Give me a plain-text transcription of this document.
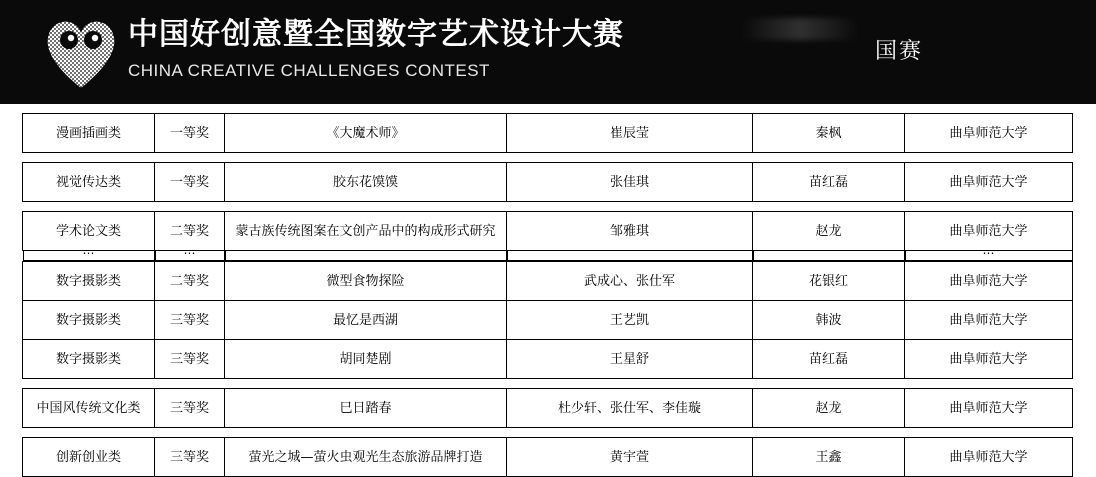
中国好创意暨全国数字艺术设计大赛
CHINA CREATIVE CHALLENGES CONTEST
国赛
漫画插画类	一等奖	《大魔术师》	崔辰莹	秦枫	曲阜师范大学

视觉传达类	一等奖	胶东花馍馍	张佳琪	苗红磊	曲阜师范大学

学术论文类	二等奖	蒙古族传统图案在文创产品中的构成形式研究	邹雅琪	赵龙	曲阜师范大学

…	…				…

数字摄影类	二等奖	微型食物探险	武成心、张仕军	花银红	曲阜师范大学
数字摄影类	三等奖	最忆是西湖	王艺凯	韩波	曲阜师范大学
数字摄影类	三等奖	胡同楚剧	王星舒	苗红磊	曲阜师范大学

中国风传统文化类	三等奖	巳日踏春	杜少轩、张仕军、李佳璇	赵龙	曲阜师范大学

创新创业类	三等奖	萤光之城—萤火虫观光生态旅游品牌打造	黄宇萱	王鑫	曲阜师范大学
